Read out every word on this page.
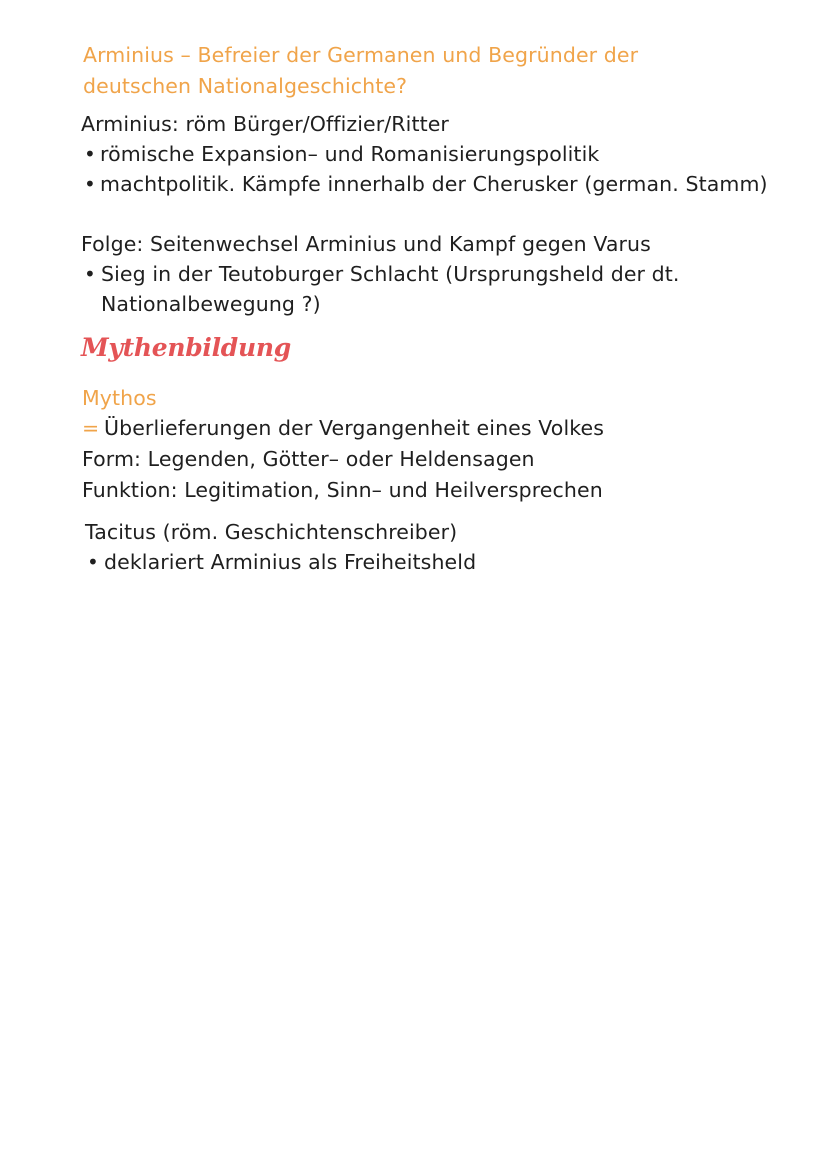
Arminius – Befreier der Germanen und Begründer der
deutschen Nationalgeschichte?
Arminius: röm Bürger/Offizier/Ritter
• römische Expansion– und Romanisierungspolitik
• machtpolitik. Kämpfe innerhalb der Cherusker (german. Stamm)
Folge: Seitenwechsel Arminius und Kampf gegen Varus
• Sieg in der Teutoburger Schlacht (Ursprungsheld der dt.
Nationalbewegung ?)
Mythenbildung
Mythos
= Überlieferungen der Vergangenheit eines Volkes
Form: Legenden, Götter– oder Heldensagen
Funktion: Legitimation, Sinn– und Heilversprechen
Tacitus (röm. Geschichtenschreiber)
• deklariert Arminius als Freiheitsheld
